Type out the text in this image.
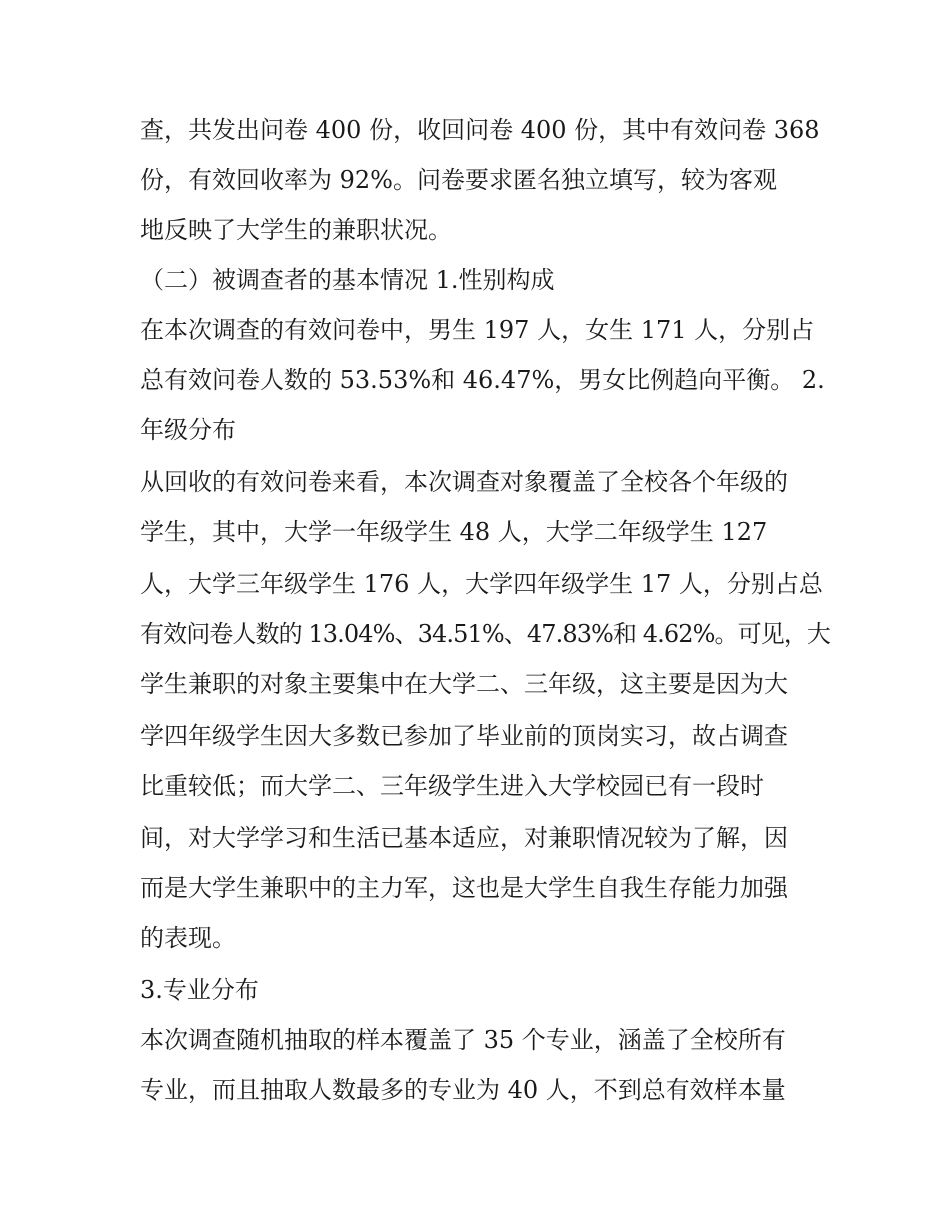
查，共发出问卷 400 份，收回问卷 400 份，其中有效问卷 368
份，有效回收率为 92%。问卷要求匿名独立填写，较为客观
地反映了大学生的兼职状况。
（二）被调查者的基本情况 1.性别构成
在本次调查的有效问卷中，男生 197 人，女生 171 人，分别占
总有效问卷人数的 53.53%和 46.47%，男女比例趋向平衡。 2.
年级分布
从回收的有效问卷来看，本次调查对象覆盖了全校各个年级的
学生，其中，大学一年级学生 48 人，大学二年级学生 127
人，大学三年级学生 176 人，大学四年级学生 17 人，分别占总
有效问卷人数的 13.04%、34.51%、47.83%和 4.62%。可见，大
学生兼职的对象主要集中在大学二、三年级，这主要是因为大
学四年级学生因大多数已参加了毕业前的顶岗实习，故占调查
比重较低；而大学二、三年级学生进入大学校园已有一段时
间，对大学学习和生活已基本适应，对兼职情况较为了解，因
而是大学生兼职中的主力军，这也是大学生自我生存能力加强
的表现。
3.专业分布
本次调查随机抽取的样本覆盖了 35 个专业，涵盖了全校所有
专业，而且抽取人数最多的专业为 40 人，不到总有效样本量
